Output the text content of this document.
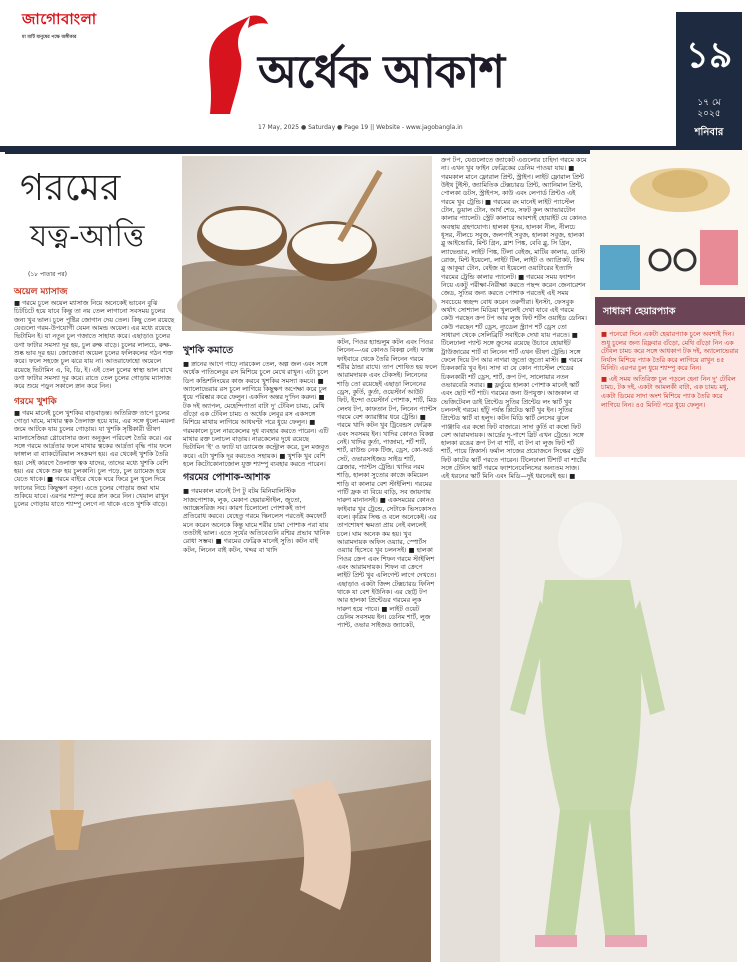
জাগোবাংলা
মা মাটি মানুষের পক্ষে অঙ্গীকার
অর্ধেক আকাশ
17 May, 2025 ● Saturday ● Page 19 || Website - www.jagobangla.in
১৯
১৭ মে
২০২৫
শনিবার
গরমের
যত্ন-আত্তি
(১৮ পাতার পর)
অয়েল ম্যাসাজ

■ গরমে চুলে অয়েল ম্যাসাজ নিয়ে অনেকেই ভাবেন বুঝি চিটচিটে হয়ে যাবে কিন্তু তা নয় তেল লাগানো সবসময় চুলের জন্য খুব ভাল। চুলে পুষ্টির জোগান দেয় তেল। কিছু তেল রয়েছে যেগুলো গরম-উপযোগী যেমন আমন্ড অয়েল। এর মধ্যে রয়েছে ভিটামিন ই। যা নতুন চুল গজাতে সাহায্য করে। এছাড়াও চুলের ডগা ফাটার সমস্যা দূর হয়, চুল রুক্ষ বাড়ে। চুলের লালচে, রুক্ষ-শুষ্ক ভাব দূর হয়। জোজোবা অয়েল চুলের ফলিকলের গঠন শক্ত করে। ফলে সহজে চুল ঝরে যায় না। আতরাফোহো অয়েলে রয়েছে ভিটামিন এ, বি, ডি, ই। এই তেল চুলের স্বাস্থ্য ভাল রাখে ডগা ফাটার সমস্যা দূর করে। রাতে তেল চুলের গোড়ায় ম্যাসাজ করে শুয়ে পড়ুন সকালে স্নান করে নিন।

গরমে খুশকি

■ গরম মানেই চুলে খুশকির বাড়বাড়ন্ত। অতিরিক্ত তাপে চুলের গোড়া ঘামে, মাথার ত্বক তৈলাক্ত হয়ে যায়, এর সঙ্গে ধুলো-ময়লা জমে আটকে যায় চুলের গোড়ায়। যা খুশকি সৃষ্টিকারী ভীষণ ম্যালাসেজিয়া গ্লোবোসার জন্য অনুকূল পরিবেশ তৈরি করে। এর সঙ্গে গরমে আর্দ্রতার ফলে মাথার ত্বকের আর্দ্রতা বৃদ্ধি পায় ফলে ফাঙ্গাল বা ব্যাকটেরিয়াল সংক্রমণ হয়। এর থেকেই খুশকি তৈরি হয়। সেই কারণে তৈলাক্ত ত্বক যাদের, তাদের মধ্যে খুশকি বেশি হয়। এর থেকে শুরু হয় চুলকানি। চুল পড়ে, চুল ড্যামেজ হয়ে যেতে থাকে। ■ গরমে বাইরে থেকে ঘরে ফিরে চুল খুলে দিয়ে ফ্যানের নিচে কিছুক্ষণ বসুন। এতে চুলের গোড়ায় জমা ঘাম শুকিয়ে যাবে। এরপর শ্যাম্পু করে স্নান করে নিন। খেয়াল রাখুন চুলের গোড়ায় যাতে শ্যাম্পু লেগে না থাকে এতে খুশকি বাড়ে।

খুশকি কমাতে

■ স্নানের আগে গাঢ়ে নারকেল তেল, অল্প জল এবং সঙ্গে অর্ধেক পাতিলেবুর রস মিশিয়ে চুলে মেখে রাখুন। এটা চুলে ডিপ কন্ডিশনিংয়ের কাজ করবে খুশকির সমস্যা কমবে। ■ অ্যালোভেরার রস চুলে লাগিয়ে কিছুক্ষণ অপেক্ষা করে চুল ধুয়ে পরিষ্কার করে ফেলুন। একদিন অন্তর দু'দিন করুন। ■ টক দই অ্যাপল, মেহেন্দিপাতা বাটা দু' টেবিল চামচ, মেথি গুঁড়ো এক টেবিল চামচ ও অর্ধেক লেবুর রস একসঙ্গে মিশিয়ে মাথায় লাগিয়ে আধঘণ্টা পরে ধুয়ে ফেলুন। ■ গরমকালে চুলে নারকেলের দুধ ব্যবহার করতে পারেন। এটি মাথার রক্ত চলাচল বাড়ায়। নারকেলের দুধে রয়েছে ভিটামিন 'ই' ও ফ্যাট যা ড্যামেজ কন্ট্রোল করে, চুল মজবুত করে। এটা খুশকি দূর করতেও সহায়ক। ■ খুশকি খুব বেশি হলে কিটোকোনাজোল যুক্ত শ্যাম্পু ব্যবহার করতে পারেন।

গরমের পোশাক-আশাক

■ গরমকাল মানেই টপ টু বটম মিনিমালিস্টিক সাজপোশাক, লুক, মেকাপ হেয়ারস্টাইল, জুতো, অ্যাক্সেসরিজ সব। কারণ চিলোলো পোশাকই তাপ প্রতিরোধ করবে। যেহেতু গরমে স্কিনলেস পরতেই কমফোর্ট মনে করেন অনেকে কিন্তু ঘামে শরীর চামা পোশাক পরা যায় ততটাই ভাল। এতে সূর্যের অতিবেগুনি রশ্মির প্রভাব খানিক রোধা সম্ভব। ■ গরমের ফেব্রিক মানেই সুতি। কটন বাই কটন, লিনেন বাই কটন, খদ্দর বা খাদি

কটন, পিওর হ্যান্ডলুম কটন এবং পিওর লিনেন—এর কোনও বিকল্প নেই। ফ্যাক্স ফাইবারে থেকে তৈরি লিনেন গরমে শরীর ঠান্ডা রাখে। তাপ শোষিত হয় ফলে আরামদায়ক এবং টেকসই। লিনেনের শাড়ি তো রয়েছেই এছাড়া লিনেনের ড্রেস, কুর্তি, কুর্তা, ওয়েস্টার্ন আউট ফিট, ইন্দো ওয়েস্টার্ন পোশাক, শার্ট, মিড লেংথ টপ, কাফতান টপ, লিনেন প্যান্টস গরমে বেশ ক্যারাক্টার ধরে ট্রেন্ডি। ■ গরমে খাদি কটন খুব ট্রিবেন্ডস ফেব্রিক এবং সবসময় ইন। খাদির কোনও বিকল্প নেই। খাদির কুর্তা, পাজামা, শর্ট শার্ট, শার্ট, রাউন্ড নেক টিজ, ড্রেস, কো-অর্ড সেট, ওভারসাইজড সাইড শার্ট, ব্লেজার, প্যান্টস ট্রেন্ডি। খাদির নরম শাড়ি, হালকা সুতোর কাজে কমিয়েল শাড়ি বা কালার বেশ স্টাইলিশ। গরমের পার্টি ফ্রক বা বিয়ে বাড়ি, সব জায়গায় দারুণ মানানসই। ■ একসময়ের কোনও ফাইবার খুব ট্রেন্ডে, সেটাকে ভিসকোসও বলে। কৃত্রিম সিল্ক ও বলে অনেকেই। এর তাপশোষণ ক্ষমতা প্রায় নেই বললেই চলে। ঘাম অনেক কম হয়। খুব আরামদায়ক অফিস ওয়্যার, স্পোর্টস ওয়্যার হিসেবে খুব চলনসই। ■ হালকা পিওর ক্রেপ এবং শিফন গরমে স্টাইলিশ এবং আরামদায়ক। শিফন বা ক্রেপে লাইট প্রিন্ট খুব এলিগেন্ট লাগে দেখতে। এছাড়াও একটা জিন্স টেক্সচারড ফিনিশ থাকে যা বেশ ইউনিক। এর ছোট্ট টপ আর হালকা প্রিন্টেডর গরমের লুক দারুণ হয়ে পাবে। ■ লাইট ওয়েট ডেনিম সবসময় ইন। ডেনিম শার্ট, লুজ প্যান্ট, ওভার সাইজড জ্যাকেট,

ক্রপ টপ, যেগুলোতে জ্যাকেট এগুলোর চাহিদা গরমে কমে না। এখন খুব ফাইন ফেব্রিকের ডেনিম পাওয়া যায়। ■ গরমকাল মানে ফ্লোরাল প্রিন্ট, স্ট্রাইপ। লাইট ফ্লোরাল প্রিন্ট উইথ টুইস্ট, জ্যামিতিক টেক্সচারড প্রিন্ট, অ্যানিমাল প্রিন্ট, পোলকা ডটস, স্ট্রাইপস, কাউ এবং লেপার্ড প্রিন্টও এই গরমে খুব ট্রেন্ডি। ■ গরমের রং মানেই লাইট প্যাস্টেল টোন, ডুয়াল টোন, আর্থ শেড, সফট কুল অ্যাভারটোন কালার প্যালেট। স্ট্রেট কালারে আবশ্যই হোয়াইট যে কোনও অবস্থায় গ্রহণযোগ্য। হালকা ধূসর, হালকা নীল, নীলচে ধূসর, নীলচে সবুজ, জলপাই সবুজ, হালকা সবুজ, হালকা ব্লু আইভোরি, মিন্ট গ্রিন, ব্লাশ পিঙ্ক, বেবি ব্লু, সি গ্রিন, ল্যাভেন্ডার, লাইট পিঙ্ক, টিলা বেইজ, মাটির কালার, ডাস্টি রোজ, মিন্ট ইয়েলো, লাইট টিল, লাইট ও অ্যাপ্রিকট, ক্রিম ব্লু আকুয়া টোন, বেইজ বা ইয়েলো ওয়াটারের ইত্যাদি গরমের ট্রেন্ডি কালার প্যালেট। ■ গরমের সময় ফ্যাশন নিয়ে একটু পরীক্ষা-নিরীক্ষা করতে পছন্দ করেন জেনারেশন জেড, সুতির জন্য করতে পোশাক পরতেই এই সময় সবচেয়ে স্বচ্ছন্দ বোধ করেন তরুণীরা। ইনস্টা, ফেসবুক অর্থাৎ সোশ্যাল মিডিয়া খুললেই দেখা যাবে এই গরমে কেউ পরছেন ক্রপ টপ আর লুজ ফিট শর্টস ওয়াইড ডেনিম। কেউ পরছেন শর্ট ড্রেস, ন্যুডেল স্ট্র্যাপ শর্ট ড্রেস তো সাধারণ থেকে সেলিব্রিটি সবাইকে দেখা যায় পরতে। ■ টিলেঢালা প্যান্ট সঙ্গে ক্রুসের রয়েছে উচাবে হোয়াইট ট্রাউজারের শার্ট বা লিনেন শার্ট এখন ভীষণ ট্রেন্ডি। সঙ্গে ফেলে দিয়ে টপ আর নাগরা জুতো জুতো মাস্ট। ■ গরমে চিকনকারি খুব ইন। সাদা বা যে কোন প্যাস্টেল শেডের চিকনকারী শর্ট ড্রেস, শার্ট, ক্রপ টপ, সালোয়ার নতন ওভারবেরি সবার। ■ ফ্লর্ডুয়ে হালকা পোশাক মানেই স্কার্ট এবং ছোট শর্ট শাট। গরমের জন্য উপযুক্ত। আজকাল বা ভেজিটেবল ডাই প্রিন্টেড সুতির প্রিন্টেড লং স্কার্ট খুব চলনসই গরমে। হাঁটু পর্যন্ত প্লিটেড স্কার্ট খুব ইন। সুতির প্রিন্টেড স্কার্ট বা হলুদ। কটন মিডি স্কার্ট লেসের ঝুলে পাঞ্জাবি এর কম্বো ফিট বাজারে। সাদা কুর্তি বা কম্বো ফিট বেশ আরামদায়ক। আর্দ্রের দু-পাশে স্লিট এখন ট্রেন্ডে। সঙ্গে হালকা রঙের ক্রপ টপ বা শার্ট, বা টপ বা লুজ ফিট শর্ট শার্ট, পায়ে স্নিকার্স। ফর্মাল সাজের প্রয়োজনে সিল্কের স্ট্রেট ফিট কাটের স্কার্ট পরতে পারেন। টিলেঢালা টিশার্ট বা শার্টের সঙ্গে টেনিস স্কার্ট গরমে ফ্যাশনেবেলিসের অন্যতম সাজ। এই ধরনের স্কার্ট মিনি এবং মিডি—দুই ধরনেরই হয়। ■

সাধারণ হেয়ারপ্যাক

■ পনেরো দিনে একটা হেয়ারপ্যাক চুলে অবশ্যই দিন। শুধু চুলের জন্য রিফ্লবার গুঁড়ো, মেথি গুঁড়ো নিন এক টেবিল চামচ করে সঙ্গে আধকাপ টক দই, অ্যালোভেরার নির্যাস মিশিয়ে প্যাক তৈরি করে লাগিয়ে রাখুন ৪৫ মিনিট। এরপর চুল ধুয়ে শ্যাম্পু করে নিন।

■ এই সময় অতিরিক্ত চুল পড়লে হেনা নিন দু' টেবিল চামচ, টক দই, একটা আমলকী বাটা, এক চামচ মধু, একটা ডিমের সাদা অংশ মিশিয়ে প্যাক তৈরি করে লাগিয়ে নিন। ৪৫ মিনিট পরে ধুয়ে ফেলুন।
